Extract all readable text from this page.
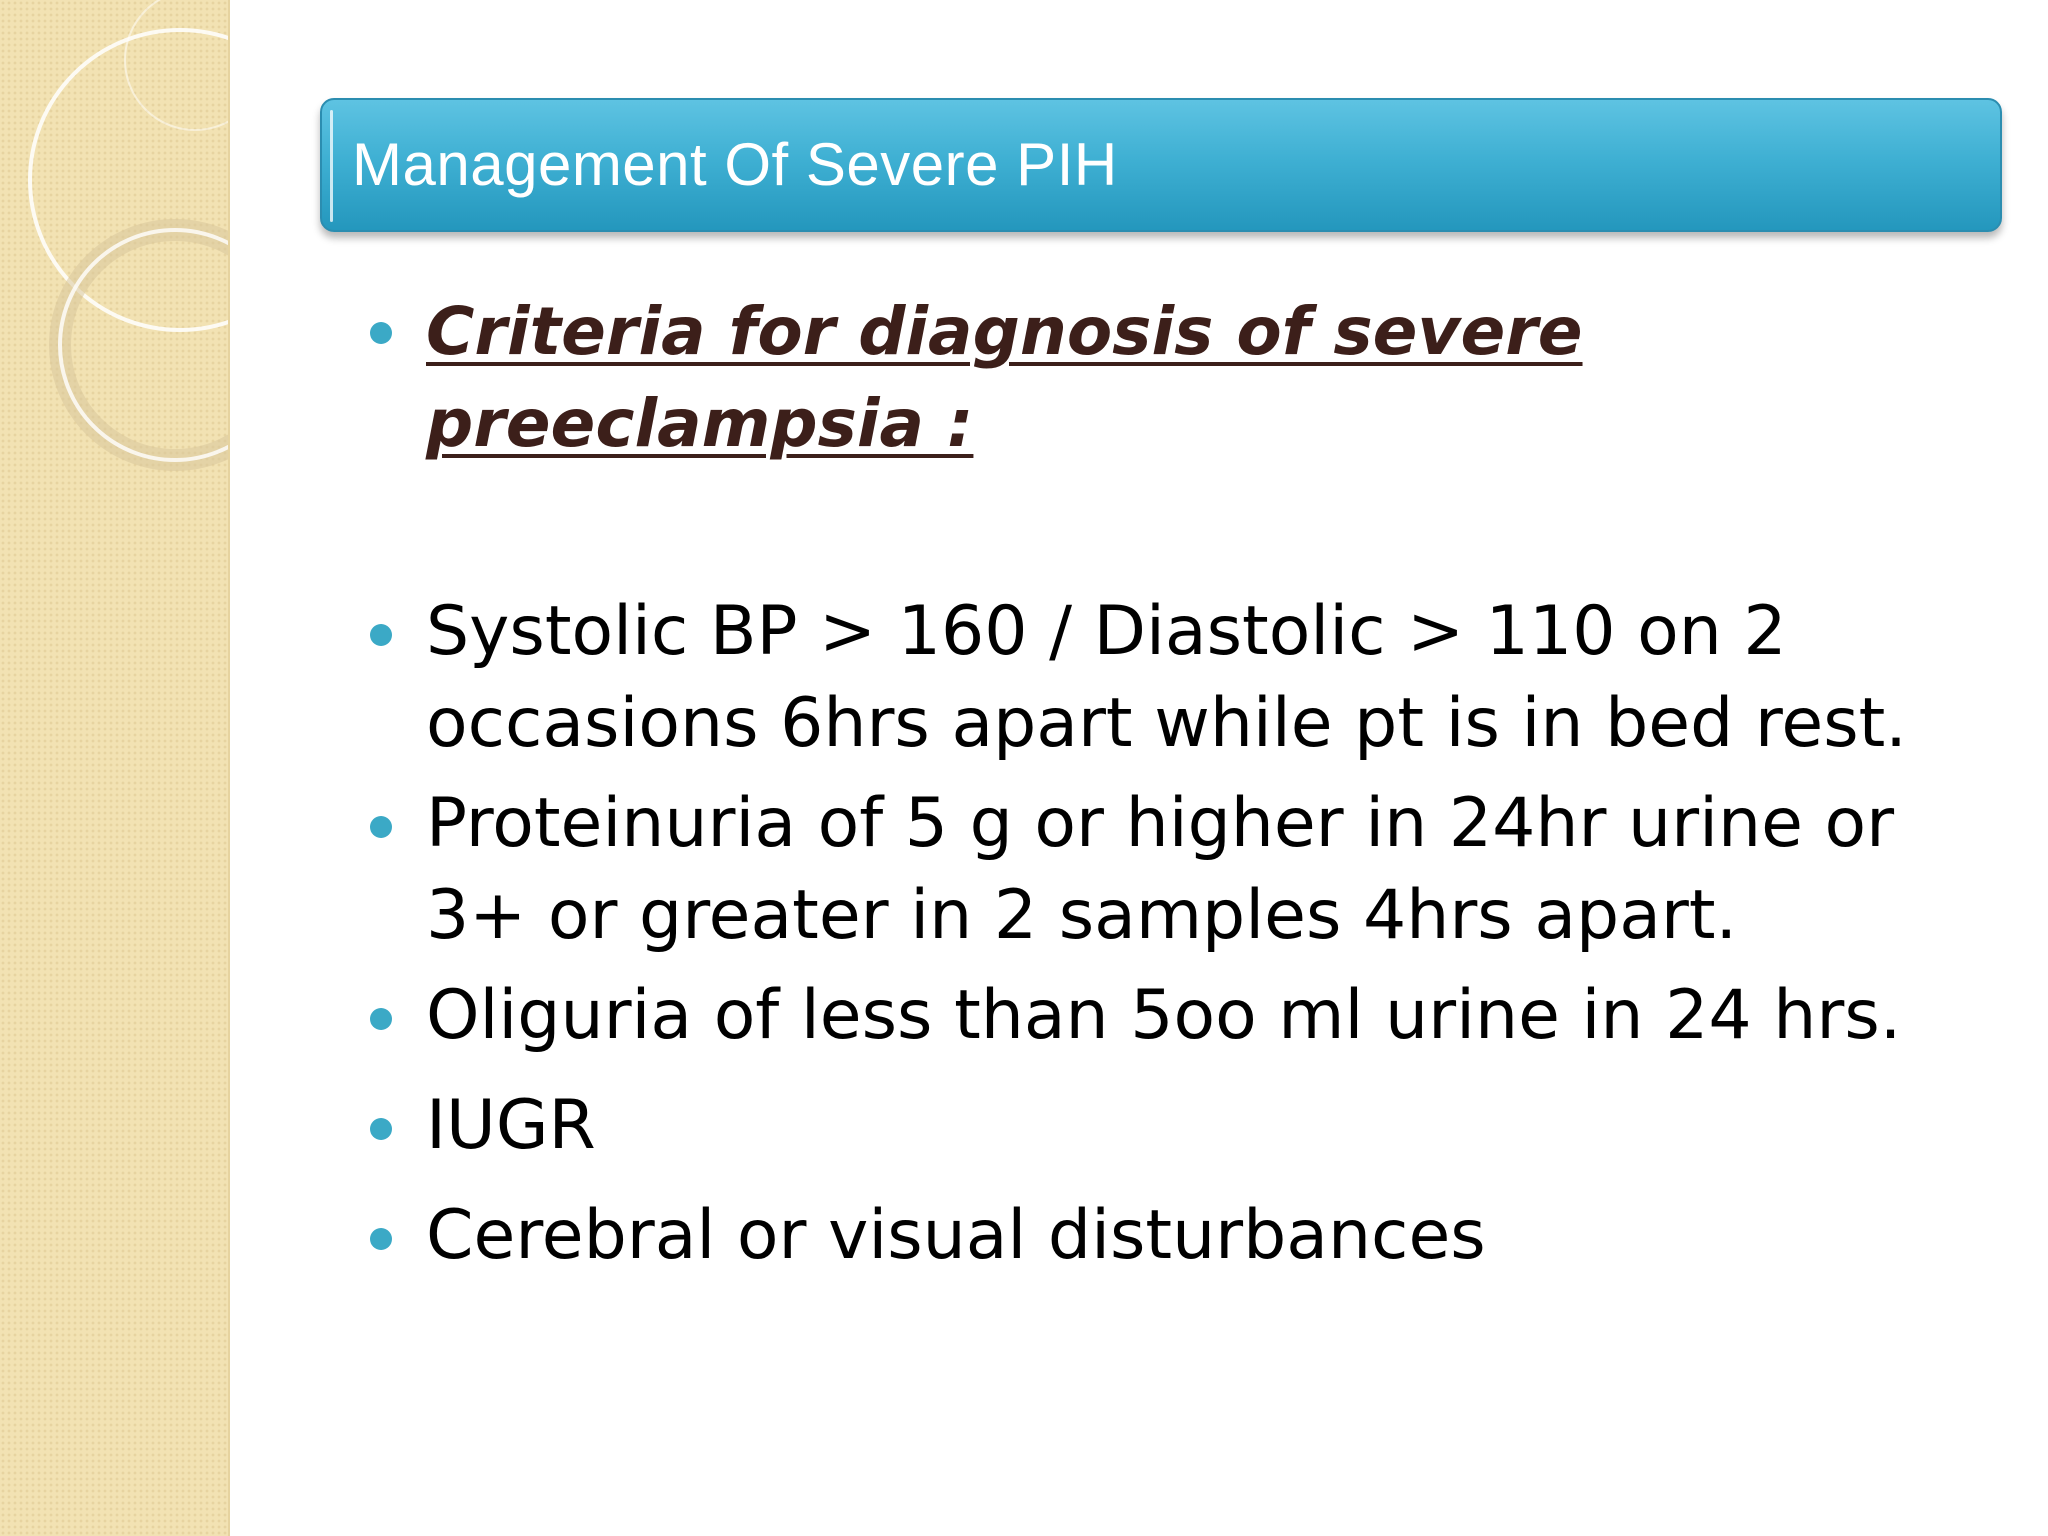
Management Of Severe PIH
Criteria for diagnosis of severe preeclampsia :
Systolic BP > 160 / Diastolic > 110 on 2 occasions 6hrs apart while pt is in bed rest.
Proteinuria of 5 g or higher in 24hr urine or 3+ or greater in 2 samples 4hrs apart.
Oliguria of less than 5oo ml urine in 24 hrs.
IUGR
Cerebral or visual disturbances
